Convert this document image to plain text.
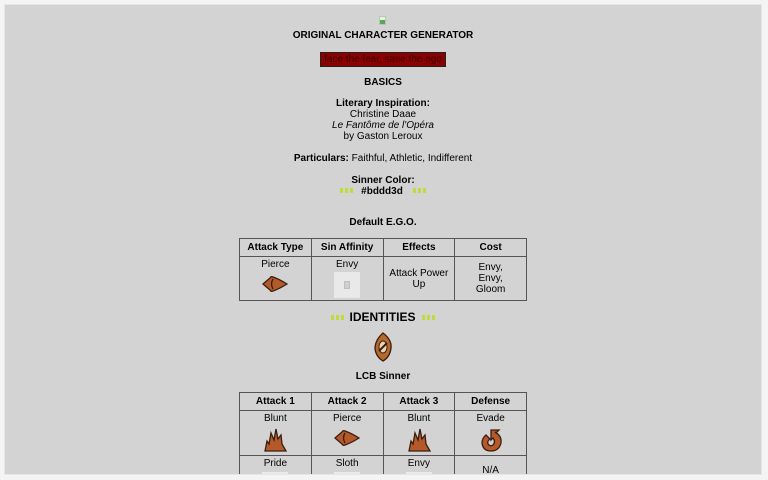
ORIGINAL CHARACTER GENERATOR
face the fear, save the ego
BASICS
Literary Inspiration:
Christine Daae
Le Fantôme de l'Opéra
by Gaston Leroux
Particulars: Faithful, Athletic, Indifferent
Sinner Color:
#bddd3d
Default E.G.O.
Attack Type	Sin Affinity	Effects	Cost

Pierce	Envy	Attack Power Up	Envy, Envy, Gloom
IDENTITIES
LCB Sinner
Attack 1	Attack 2	Attack 3	Defense

Blunt	Pierce	Blunt	Evade

Pride	Sloth	Envy	N/A
